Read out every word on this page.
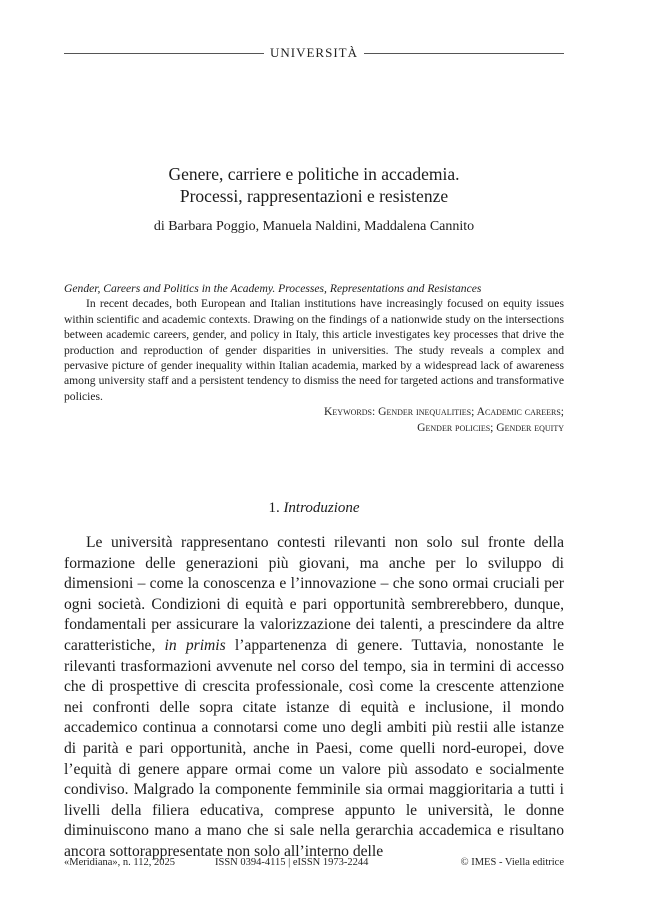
UNIVERSITÀ
Genere, carriere e politiche in accademia.
Processi, rappresentazioni e resistenze
di Barbara Poggio, Manuela Naldini, Maddalena Cannito
Gender, Careers and Politics in the Academy. Processes, Representations and Resistances

In recent decades, both European and Italian institutions have increasingly focused on equity issues within scientific and academic contexts. Drawing on the findings of a nationwide study on the intersections between academic careers, gender, and policy in Italy, this article investigates key processes that drive the production and reproduction of gender disparities in universities. The study reveals a complex and pervasive picture of gender inequality within Italian academia, marked by a widespread lack of awareness among university staff and a persistent tendency to dismiss the need for targeted actions and transformative policies.

Keywords: Gender inequalities; Academic careers;
Gender policies; Gender equity
1. Introduzione

Le università rappresentano contesti rilevanti non solo sul fronte della formazione delle generazioni più giovani, ma anche per lo sviluppo di dimensioni – come la conoscenza e l’innovazione – che sono ormai cruciali per ogni società. Condizioni di equità e pari opportunità sembrerebbero, dunque, fondamentali per assicurare la valorizzazione dei talenti, a prescindere da altre caratteristiche, in primis l’appartenenza di genere. Tuttavia, nonostante le rilevanti trasformazioni avvenute nel corso del tempo, sia in termini di accesso che di prospettive di crescita professionale, così come la crescente attenzione nei confronti delle sopra citate istanze di equità e inclusione, il mondo accademico continua a connotarsi come uno degli ambiti più restii alle istanze di parità e pari opportunità, anche in Paesi, come quelli nord-europei, dove l’equità di genere appare ormai come un valore più assodato e socialmente condiviso. Malgrado la componente femminile sia ormai maggioritaria a tutti i livelli della filiera educativa, comprese appunto le università, le donne diminuiscono mano a mano che si sale nella gerarchia accademica e risultano ancora sottorappresentate non solo all’interno delle

«Meridiana», n. 112, 2025	ISSN 0394-4115 | eISSN 1973-2244	© IMES - Viella editrice
